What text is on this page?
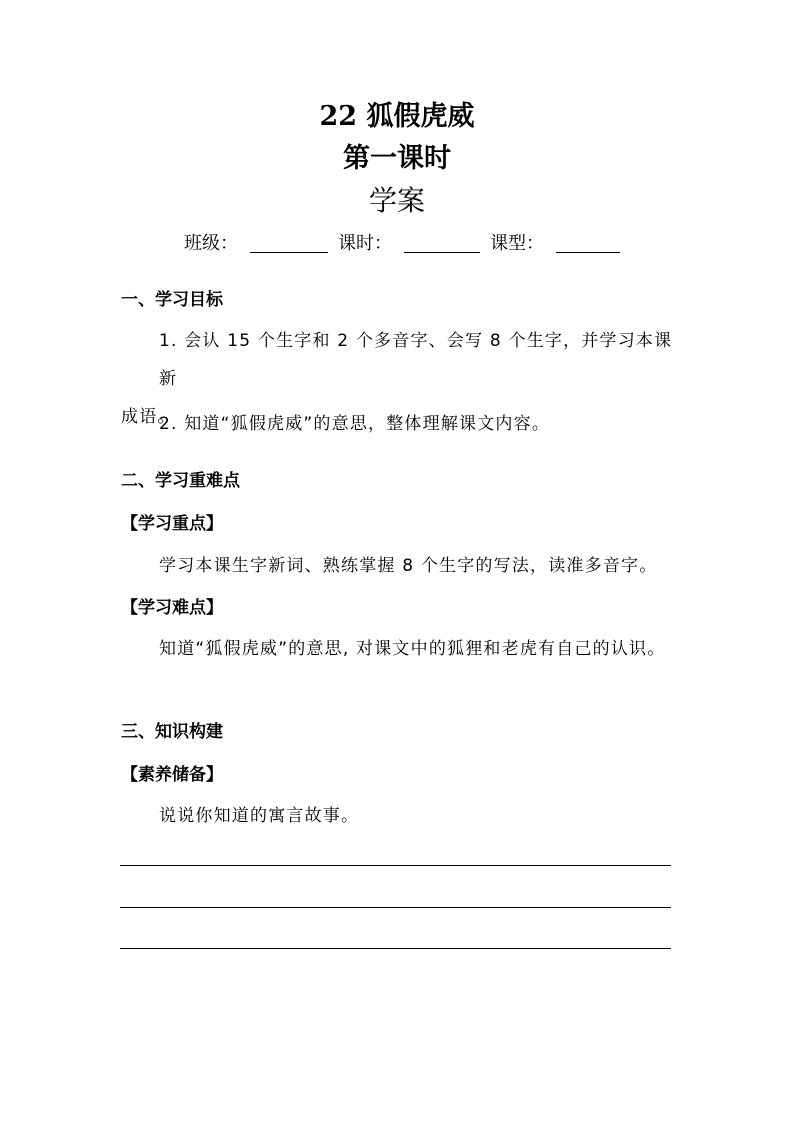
22 狐假虎威
第一课时
学案
班级：	课时：	课型：
一、学习目标
1. 会认 15 个生字和 2 个多音字、会写 8 个生字，并学习本课新
成语。
2. 知道“狐假虎威”的意思，整体理解课文内容。
二、学习重难点
【学习重点】
学习本课生字新词、熟练掌握 8 个生字的写法，读准多音字。
【学习难点】
知道“狐假虎威”的意思, 对课文中的狐狸和老虎有自己的认识。
三、知识构建
【素养储备】
说说你知道的寓言故事。
